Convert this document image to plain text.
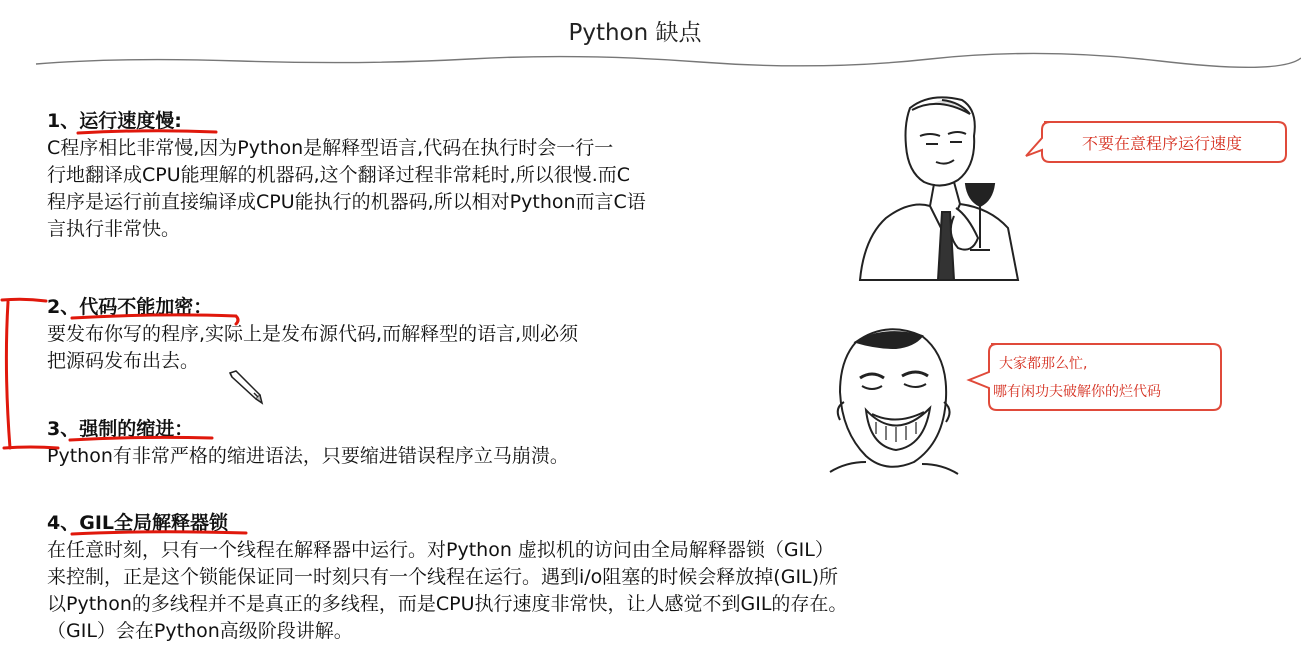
Python 缺点
1、运行速度慢:
C程序相比非常慢,因为Python是解释型语言,代码在执行时会一行一
行地翻译成CPU能理解的机器码,这个翻译过程非常耗时,所以很慢.而C
程序是运行前直接编译成CPU能执行的机器码,所以相对Python而言C语
言执行非常快。
2、代码不能加密：
要发布你写的程序,实际上是发布源代码,而解释型的语言,则必须
把源码发布出去。
3、强制的缩进：
Python有非常严格的缩进语法，只要缩进错误程序立马崩溃。
4、GIL全局解释器锁
在任意时刻，只有一个线程在解释器中运行。对Python 虚拟机的访问由全局解释器锁（GIL）
来控制，正是这个锁能保证同一时刻只有一个线程在运行。遇到i/o阻塞的时候会释放掉(GIL)所
以Python的多线程并不是真正的多线程，而是CPU执行速度非常快，让人感觉不到GIL的存在。
（GIL）会在Python高级阶段讲解。
不要在意程序运行速度
大家都那么忙,
哪有闲功夫破解你的烂代码
